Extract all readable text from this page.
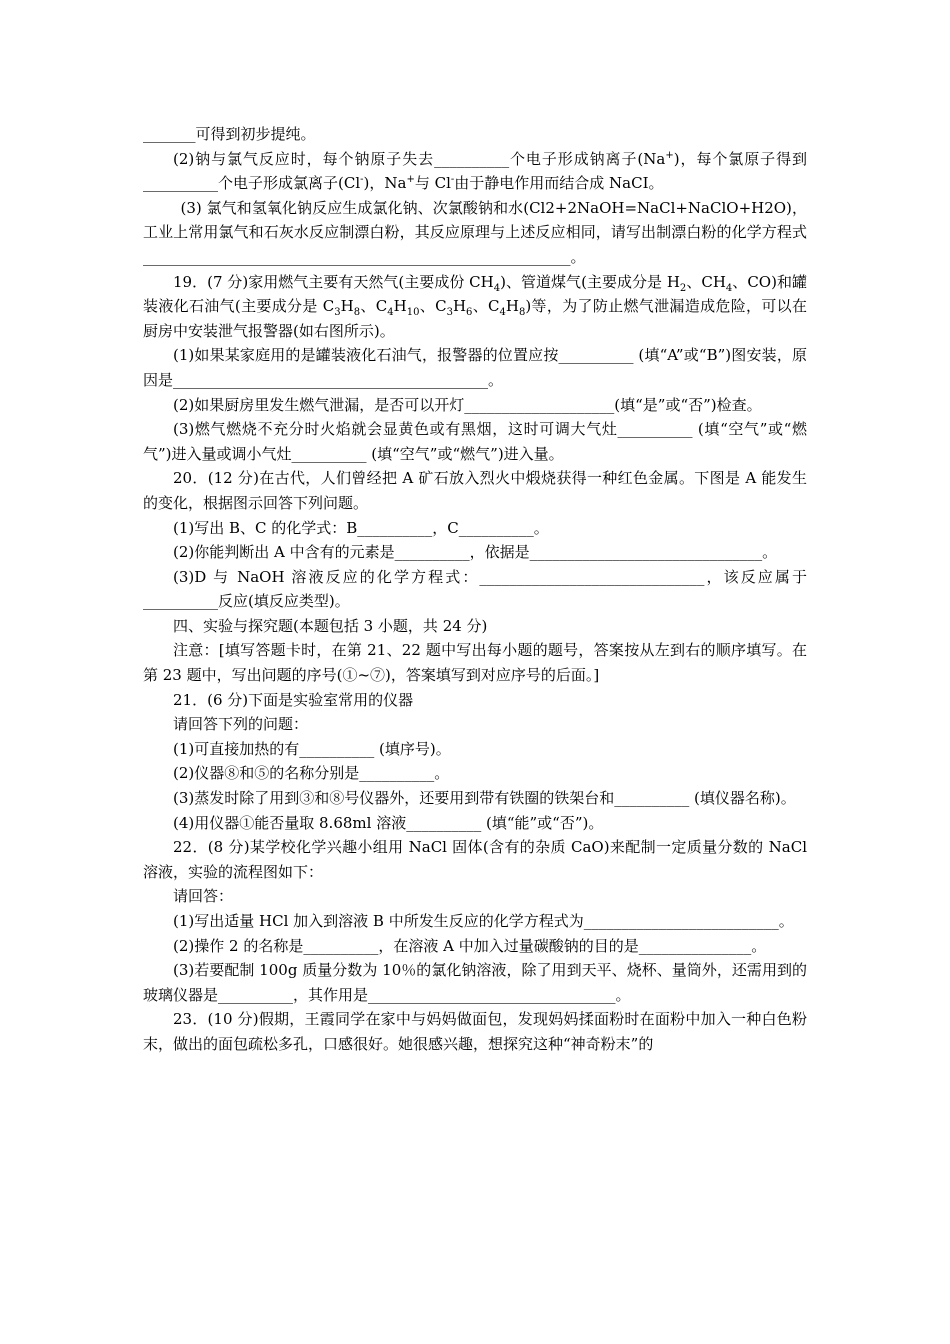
_______可得到初步提纯。

(2)钠与氯气反应时，每个钠原子失去__________个电子形成钠离子(Na+)，每个氯原子得到__________个电子形成氯离子(Cl-)，Na+与 Cl-由于静电作用而结合成 NaCI。

(3) 氯气和氢氧化钠反应生成氯化钠、次氯酸钠和水(Cl2+2NaOH=NaCl+NaClO+H2O)，工业上常用氯气和石灰水反应制漂白粉，其反应原理与上述反应相同，请写出制漂白粉的化学方程式_________________________________________________________。

19．(7 分)家用燃气主要有天然气(主要成份 $CH_4$)、管道煤气(主要成分是 $H_2$、$CH_4$、CO)和罐装液化石油气(主要成分是 $C_3H_8$、$C_4H_{10}$、$C_3H_6$、$C_4H_8$)等，为了防止燃气泄漏造成危险，可以在厨房中安装泄气报警器(如右图所示)。

(1)如果某家庭用的是罐装液化石油气，报警器的位置应按__________ (填“A”或“B”)图安装，原因是__________________________________________。

(2)如果厨房里发生燃气泄漏，是否可以开灯____________________(填“是”或“否”)检查。

(3)燃气燃烧不充分时火焰就会显黄色或有黑烟，这时可调大气灶__________ (填“空气”或“燃气”)进入量或调小气灶__________ (填“空气”或“燃气”)进入量。

20．(12 分)在古代，人们曾经把 A 矿石放入烈火中煅烧获得一种红色金属。下图是 A 能发生的变化，根据图示回答下列问题。

(1)写出 B、C 的化学式：B__________，C__________。

(2)你能判断出 A 中含有的元素是__________，依据是_______________________________。

(3)D 与 NaOH 溶液反应的化学方程式：______________________________，该反应属于__________反应(填反应类型)。

四、实验与探究题(本题包括 3 小题，共 24 分)

注意：[填写答题卡时，在第 21、22 题中写出每小题的题号，答案按从左到右的顺序填写。在第 23 题中，写出问题的序号(①~⑦)，答案填写到对应序号的后面。]

21．(6 分)下面是实验室常用的仪器

请回答下列的问题：

(1)可直接加热的有__________ (填序号)。

(2)仪器⑧和⑤的名称分别是__________。

(3)蒸发时除了用到③和⑧号仪器外，还要用到带有铁圈的铁架台和__________ (填仪器名称)。

(4)用仪器①能否量取 8.68ml 溶液__________ (填“能”或“否”)。

22．(8 分)某学校化学兴趣小组用 NaCl 固体(含有的杂质 CaO)来配制一定质量分数的 NaCl 溶液，实验的流程图如下：

请回答：

(1)写出适量 HCl 加入到溶液 B 中所发生反应的化学方程式为__________________________。

(2)操作 2 的名称是__________，在溶液 A 中加入过量碳酸钠的目的是_______________。

(3)若要配制 100g 质量分数为 10％的氯化钠溶液，除了用到天平、烧杯、量筒外，还需用到的玻璃仪器是__________，其作用是_________________________________。

23．(10 分)假期，王霞同学在家中与妈妈做面包，发现妈妈揉面粉时在面粉中加入一种白色粉末，做出的面包疏松多孔，口感很好。她很感兴趣，想探究这种“神奇粉末”的
